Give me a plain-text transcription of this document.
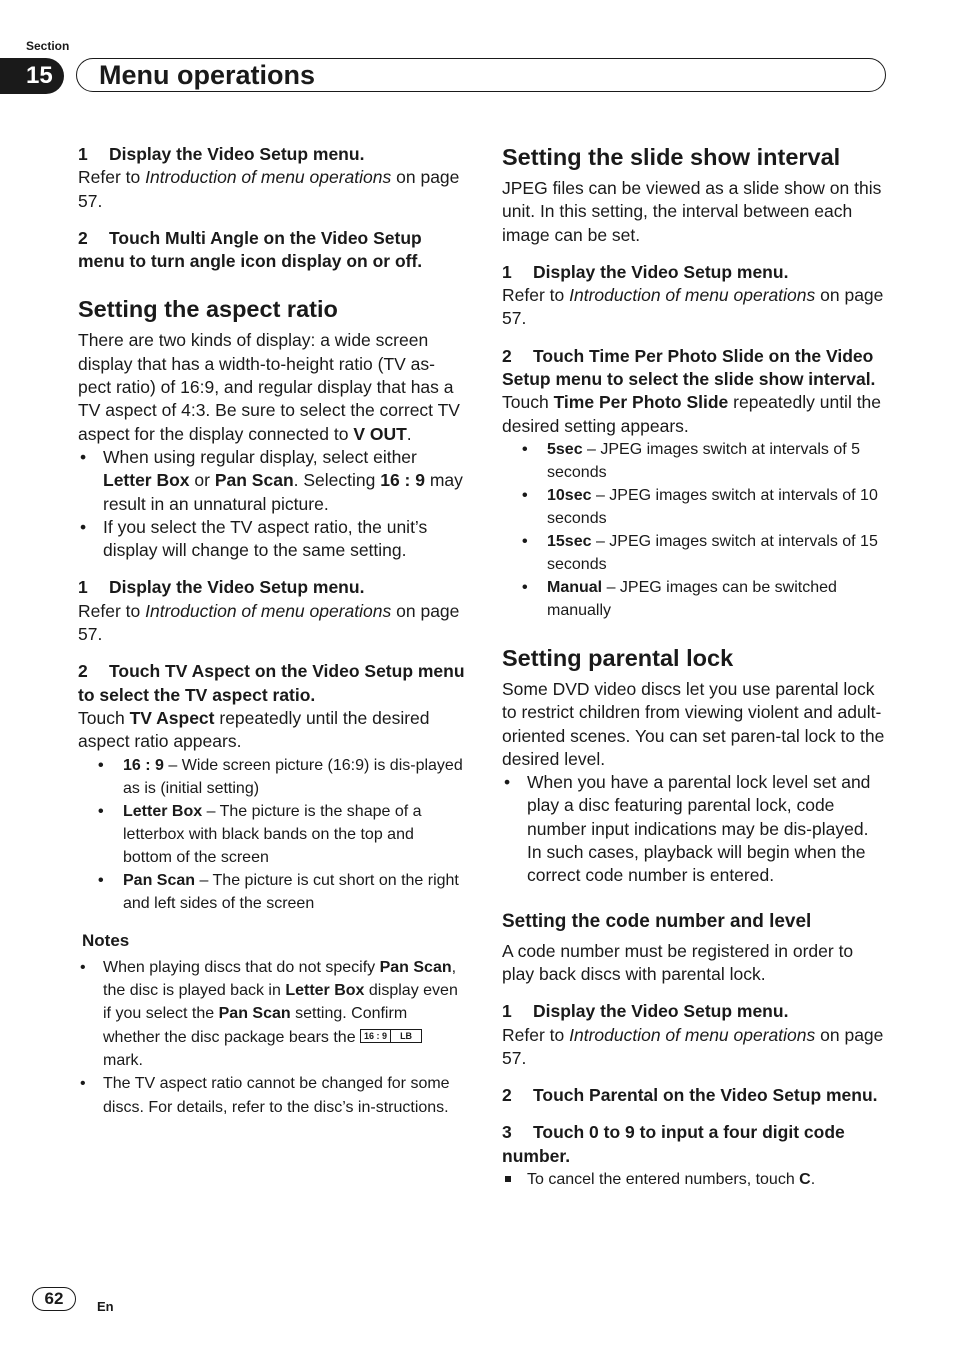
Section
15	Menu operations

1 Display the Video Setup menu.

Refer to Introduction of menu operations on page 57.

2 Touch Multi Angle on the Video Setup menu to turn angle icon display on or off.

Setting the aspect ratio

There are two kinds of display: a wide screen display that has a width-to-height ratio (TV as-pect ratio) of 16:9, and regular display that has a TV aspect of 4:3. Be sure to select the correct TV aspect for the display connected to V OUT.

• When using regular display, select either Letter Box or Pan Scan. Selecting 16 : 9 may result in an unnatural picture.
• If you select the TV aspect ratio, the unit’s display will change to the same setting.

1 Display the Video Setup menu.

Refer to Introduction of menu operations on page 57.

2 Touch TV Aspect on the Video Setup menu to select the TV aspect ratio.

Touch TV Aspect repeatedly until the desired aspect ratio appears.

• 16 : 9 – Wide screen picture (16:9) is dis-played as is (initial setting)
• Letter Box – The picture is the shape of a letterbox with black bands on the top and bottom of the screen
• Pan Scan – The picture is cut short on the right and left sides of the screen
Notes
• When playing discs that do not specify Pan Scan, the disc is played back in Letter Box display even if you select the Pan Scan setting. Confirm whether the disc package bears the 16 : 9 LB mark.
• The TV aspect ratio cannot be changed for some discs. For details, refer to the disc’s in-structions.
Setting the slide show interval

JPEG files can be viewed as a slide show on this unit. In this setting, the interval between each image can be set.

1 Display the Video Setup menu.

Refer to Introduction of menu operations on page 57.

2 Touch Time Per Photo Slide on the Video Setup menu to select the slide show interval.

Touch Time Per Photo Slide repeatedly until the desired setting appears.

• 5sec – JPEG images switch at intervals of 5 seconds
• 10sec – JPEG images switch at intervals of 10 seconds
• 15sec – JPEG images switch at intervals of 15 seconds
• Manual – JPEG images can be switched manually
Setting parental lock

Some DVD video discs let you use parental lock to restrict children from viewing violent and adult-oriented scenes. You can set paren-tal lock to the desired level.

• When you have a parental lock level set and play a disc featuring parental lock, code number input indications may be dis-played. In such cases, playback will begin when the correct code number is entered.
Setting the code number and level

A code number must be registered in order to play back discs with parental lock.

1 Display the Video Setup menu.

Refer to Introduction of menu operations on page 57.

2 Touch Parental on the Video Setup menu.

3 Touch 0 to 9 to input a four digit code number.

To cancel the entered numbers, touch C.
62	En
